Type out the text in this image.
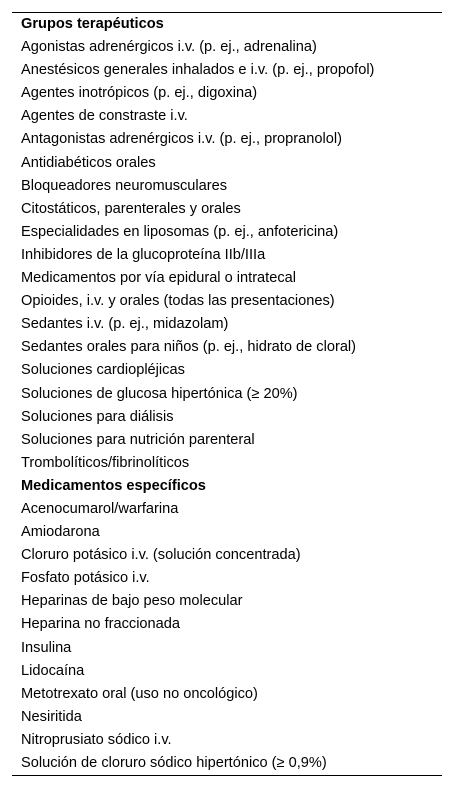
Grupos terapéuticos
Agonistas adrenérgicos i.v. (p. ej., adrenalina)
Anestésicos generales inhalados e i.v. (p. ej., propofol)
Agentes inotrópicos (p. ej., digoxina)
Agentes de constraste i.v.
Antagonistas adrenérgicos i.v. (p. ej., propranolol)
Antidiabéticos orales
Bloqueadores neuromusculares
Citostáticos, parenterales y orales
Especialidades en liposomas (p. ej., anfotericina)
Inhibidores de la glucoproteína IIb/IIIa
Medicamentos por vía epidural o intratecal
Opioides, i.v. y orales (todas las presentaciones)
Sedantes i.v. (p. ej., midazolam)
Sedantes orales para niños (p. ej., hidrato de cloral)
Soluciones cardiopléjicas
Soluciones de glucosa hipertónica (≥ 20%)
Soluciones para diálisis
Soluciones para nutrición parenteral
Trombolíticos/fibrinolíticos
Medicamentos específicos
Acenocumarol/warfarina
Amiodarona
Cloruro potásico i.v. (solución concentrada)
Fosfato potásico i.v.
Heparinas de bajo peso molecular
Heparina no fraccionada
Insulina
Lidocaína
Metotrexato oral (uso no oncológico)
Nesiritida
Nitroprusiato sódico i.v.
Solución de cloruro sódico hipertónico (≥ 0,9%)
